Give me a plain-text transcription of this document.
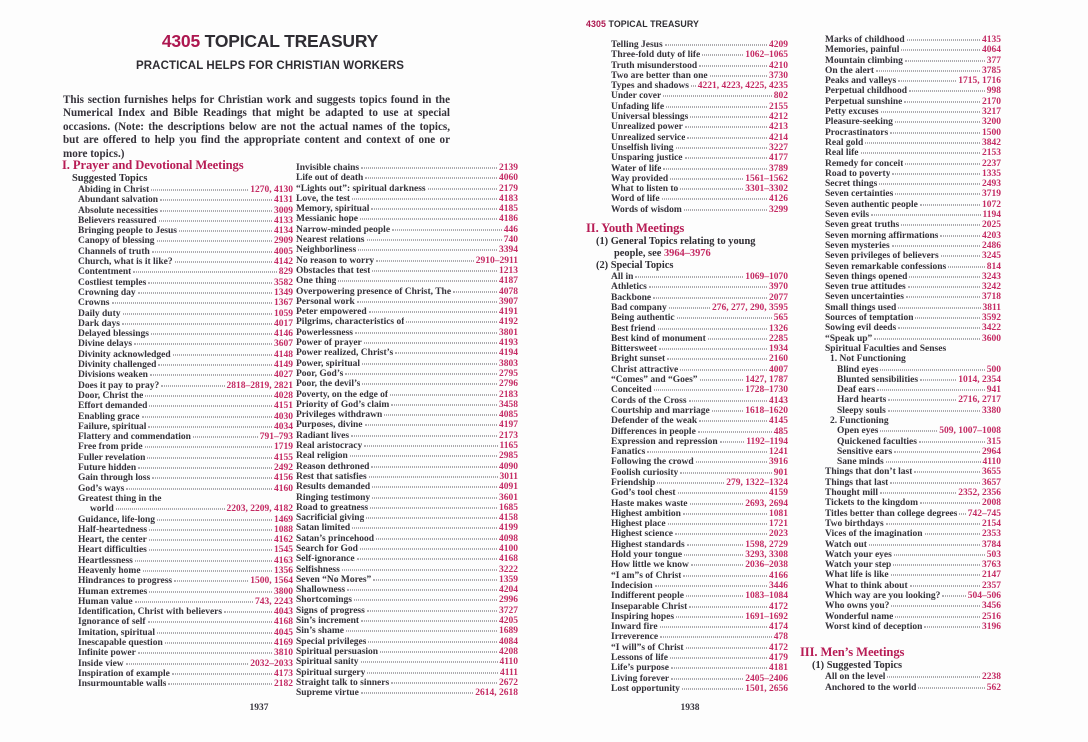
4305 TOPICAL TREASURY
PRACTICAL HELPS FOR CHRISTIAN WORKERS
This section furnishes helps for Christian work and suggests topics found in the Numerical Index and Bible Readings that might be adapted to use at special occasions. (Note: the descriptions below are not the actual names of the topics, but are offered to help you find the appropriate content and context of one or more topics.)
I. Prayer and Devotional Meetings
Suggested Topics
Abiding in Christ	1270, 4130
Abundant salvation	4131
Absolute necessities	3009
Believers reassured	4133
Bringing people to Jesus	4134
Canopy of blessing	2909
Channels of truth	4005
Church, what is it like?	4142
Contentment	829
Costliest temples	3582
Crowning day	1349
Crowns	1367
Daily duty	1059
Dark days	4017
Delayed blessings	4146
Divine delays	3607
Divinity acknowledged	4148
Divinity challenged	4149
Divisions weaken	4027
Does it pay to pray?	2818–2819, 2821
Door, Christ the	4028
Effort demanded	4151
Enabling grace	4030
Failure, spiritual	4034
Flattery and commendation	791–793
Free from pride	1719
Fuller revelation	4155
Future hidden	2492
Gain through loss	4156
God’s ways	4160
Greatest thing in the
world	2203, 2209, 4182
Guidance, life-long	1469
Half-heartedness	1088
Heart, the center	4162
Heart difficulties	1545
Heartlessness	4163
Heavenly home	1356
Hindrances to progress	1500, 1564
Human extremes	3800
Human value	743, 2243
Identification, Christ with believers	4043
Ignorance of self	4168
Imitation, spiritual	4045
Inescapable question	4169
Infinite power	3810
Inside view	2032–2033
Inspiration of example	4173
Insurmountable walls	2182
Invisible chains	2139
Life out of death	4060
“Lights out”: spiritual darkness	2179
Love, the test	4183
Memory, spiritual	4185
Messianic hope	4186
Narrow-minded people	446
Nearest relations	740
Neighborliness	3394
No reason to worry	2910–2911
Obstacles that test	1213
One thing	4187
Overpowering presence of Christ, The	4078
Personal work	3907
Peter empowered	4191
Pilgrims, characteristics of	4192
Powerlessness	3801
Power of prayer	4193
Power realized, Christ’s	4194
Power, spiritual	3803
Poor, God’s	2795
Poor, the devil’s	2796
Poverty, on the edge of	2183
Priority of God’s claim	3458
Privileges withdrawn	4085
Purposes, divine	4197
Radiant lives	2173
Real aristocracy	1165
Real religion	2985
Reason dethroned	4090
Rest that satisfies	3011
Results demanded	4091
Ringing testimony	3601
Road to greatness	1685
Sacrificial giving	4158
Satan limited	4199
Satan’s princehood	4098
Search for God	4100
Self-ignorance	4168
Selfishness	3222
Seven “No Mores”	1359
Shallowness	4204
Shortcomings	2996
Signs of progress	3727
Sin’s increment	4205
Sin’s shame	1689
Special privileges	4084
Spiritual persuasion	4208
Spiritual sanity	4110
Spiritual surgery	4111
Straight talk to sinners	2672
Supreme virtue	2614, 2618
4305 TOPICAL TREASURY
Telling Jesus	4209
Three-fold duty of life	1062–1065
Truth misunderstood	4210
Two are better than one	3730
Types and shadows 4221, 4223, 4225, 4235
Under cover	802
Unfading life	2155
Universal blessings	4212
Unrealized power	4213
Unrealized service	4214
Unselfish living	3227
Unsparing justice	4177
Water of life	3789
Way provided	1561–1562
What to listen to	3301–3302
Word of life	4126
Words of wisdom	3299
II. Youth Meetings
(1) General Topics relating to young
people, see 3964–3976
(2) Special Topics
All in	1069–1070
Athletics	3970
Backbone	2077
Bad company	276, 277, 290, 3595
Being authentic	565
Best friend	1326
Best kind of monument	2285
Bittersweet	1934
Bright sunset	2160
Christ attractive	4007
“Comes” and “Goes”	1427, 1787
Conceited	1728–1730
Cords of the Cross	4143
Courtship and marriage	1618–1620
Defender of the weak	4145
Differences in people	485
Expression and repression	1192–1194
Fanatics	1241
Following the crowd	3916
Foolish curiosity	901
Friendship	279, 1322–1324
God’s tool chest	4159
Haste makes waste	2693, 2694
Highest ambition	1081
Highest place	1721
Highest science	2023
Highest standards	1598, 2729
Hold your tongue	3293, 3308
How little we know	2036–2038
“I am”s of Christ	4166
Indecision	3446
Indifferent people	1083–1084
Inseparable Christ	4172
Inspiring hopes	1691–1692
Inward fire	4174
Irreverence	478
“I will”s of Christ	4172
Lessons of life	4179
Life’s purpose	4181
Living forever	2405–2406
Lost opportunity	1501, 2656
Marks of childhood	4135
Memories, painful	4064
Mountain climbing	377
On the alert	3785
Peaks and valleys	1715, 1716
Perpetual childhood	998
Perpetual sunshine	2170
Petty excuses	3217
Pleasure-seeking	3200
Procrastinators	1500
Real gold	3842
Real life	2153
Remedy for conceit	2237
Road to poverty	1335
Secret things	2493
Seven certainties	3719
Seven authentic people	1072
Seven evils	1194
Seven great truths	2025
Seven morning affirmations	4203
Seven mysteries	2486
Seven privileges of believers	3245
Seven remarkable confessions	814
Seven things opened	3243
Seven true attitudes	3242
Seven uncertainties	3718
Small things used	3811
Sources of temptation	3592
Sowing evil deeds	3422
“Speak up”	3600
Spiritual Faculties and Senses
1. Not Functioning
Blind eyes	500
Blunted sensibilities	1014, 2354
Deaf ears	941
Hard hearts	2716, 2717
Sleepy souls	3380
2. Functioning
Open eyes	509, 1007–1008
Quickened faculties	315
Sensitive ears	2964
Sane minds	4110
Things that don’t last	3655
Things that last	3657
Thought mill	2352, 2356
Tickets to the kingdom	2008
Titles better than college degrees 742–745
Two birthdays	2154
Vices of the imagination	2353
Watch out	3784
Watch your eyes	503
Watch your step	3763
What life is like	2147
What to think about	2357
Which way are you looking?	504–506
Who owns you?	3456
Wonderful name	2516
Worst kind of deception	3196
III. Men’s Meetings
(1) Suggested Topics
All on the level	2238
Anchored to the world	562
1937	1938
